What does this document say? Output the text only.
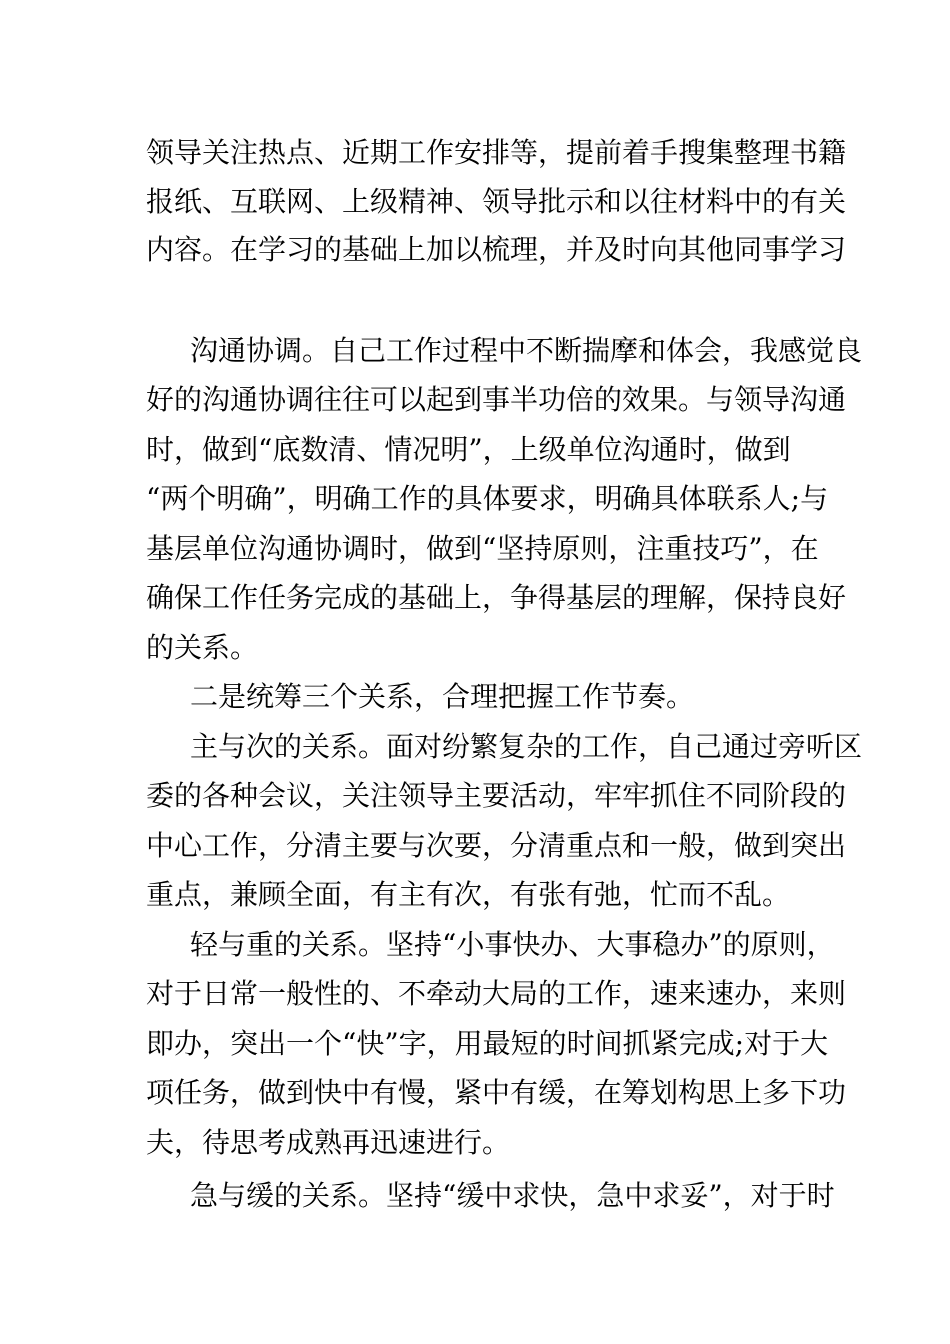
领导关注热点、近期工作安排等，提前着手搜集整理书籍
报纸、互联网、上级精神、领导批示和以往材料中的有关
内容。在学习的基础上加以梳理，并及时向其他同事学习
沟通协调。自己工作过程中不断揣摩和体会，我感觉良
好的沟通协调往往可以起到事半功倍的效果。与领导沟通
时，做到“底数清、情况明”，上级单位沟通时，做到
“两个明确”，明确工作的具体要求，明确具体联系人;与
基层单位沟通协调时，做到“坚持原则，注重技巧”，在
确保工作任务完成的基础上，争得基层的理解，保持良好
的关系。
二是统筹三个关系，合理把握工作节奏。
主与次的关系。面对纷繁复杂的工作，自己通过旁听区
委的各种会议，关注领导主要活动，牢牢抓住不同阶段的
中心工作，分清主要与次要，分清重点和一般，做到突出
重点，兼顾全面，有主有次，有张有弛，忙而不乱。
轻与重的关系。坚持“小事快办、大事稳办”的原则，
对于日常一般性的、不牵动大局的工作，速来速办，来则
即办，突出一个“快”字，用最短的时间抓紧完成;对于大
项任务，做到快中有慢，紧中有缓，在筹划构思上多下功
夫，待思考成熟再迅速进行。
急与缓的关系。坚持“缓中求快，急中求妥”，对于时
